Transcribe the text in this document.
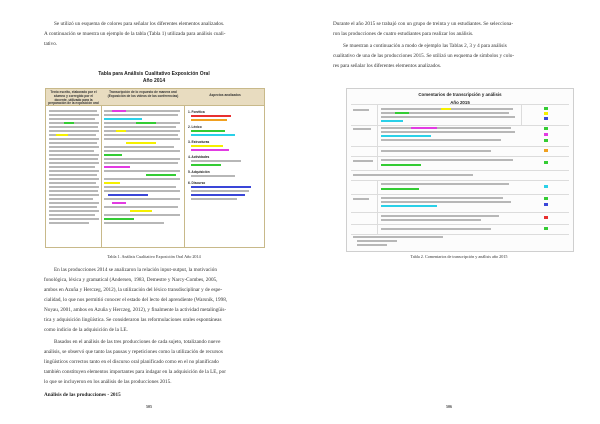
Se utilizó un esquema de colores para señalar los diferentes elementos analizados.
A continuación se muestra un ejemplo de la tabla (Tabla 1) utilizada para análisis cuali-
tativo.
Tabla para Análisis Cualitativo Exposición Oral
Año 2014
Texto escrito, elaborado por el alumno y corregido por el docente, utilizado para la preparación de la exposición oral
Transcripción de lo expuesto de manera oral (Exposición de los videos de las conferencias)	Aspectos analizados
1. Fonética
2. Léxico
3. Estructuras
4. Actividades
5. Adquisición
6. Discurso
Tabla 1. Análisis Cualitativo Exposición Oral Año 2014
En las producciones 2014 se analizaron la relación input-output, la motivación
fonológica, léxica y gramatical (Andersen, 1983, Demestre y Narcy-Combes, 2005,
ambos en Azuña y Herczeg, 2012), la utilización del léxico transdisciplinar y de espe-
cialidad, lo que nos permitió conocer el estado del lecto del aprendiente (Warsnik, 1998,
Noyau, 2001, ambos en Azuña y Herczeg, 2012), y finalmente la actividad metalingüís-
tica y adquisición lingüística. Se consideraron las reformulaciones orales espontáneas
como indicio de la adquisición de la LE.
Basados en el análisis de las tres producciones de cada sujeto, totalizando nueve
análisis, se observó que tanto las pausas y repeticiones como la utilización de recursos
lingüísticos correctos tanto en el discurso oral planificado como en el no planificado
también constituyen elementos importantes para indagar en la adquisición de la LE, por
lo que se incluyeron en los análisis de las producciones 2015.
Análisis de las producciones - 2015
505
Durante el año 2015 se trabajó con un grupo de treinta y un estudiantes. Se selecciona-
ron las producciones de cuatro estudiantes para realizar los análisis.
Se muestran a continuación a modo de ejemplo las Tablas 2, 3 y 4 para análisis
cualitativo de una de las producciones 2015. Se utilizó un esquema de símbolos y colo-
res para señalar los diferentes elementos analizados.
Comentarios de transcripción y análisis
Año 2015
Tabla 2. Comentarios de transcripción y análisis año 2015
506
